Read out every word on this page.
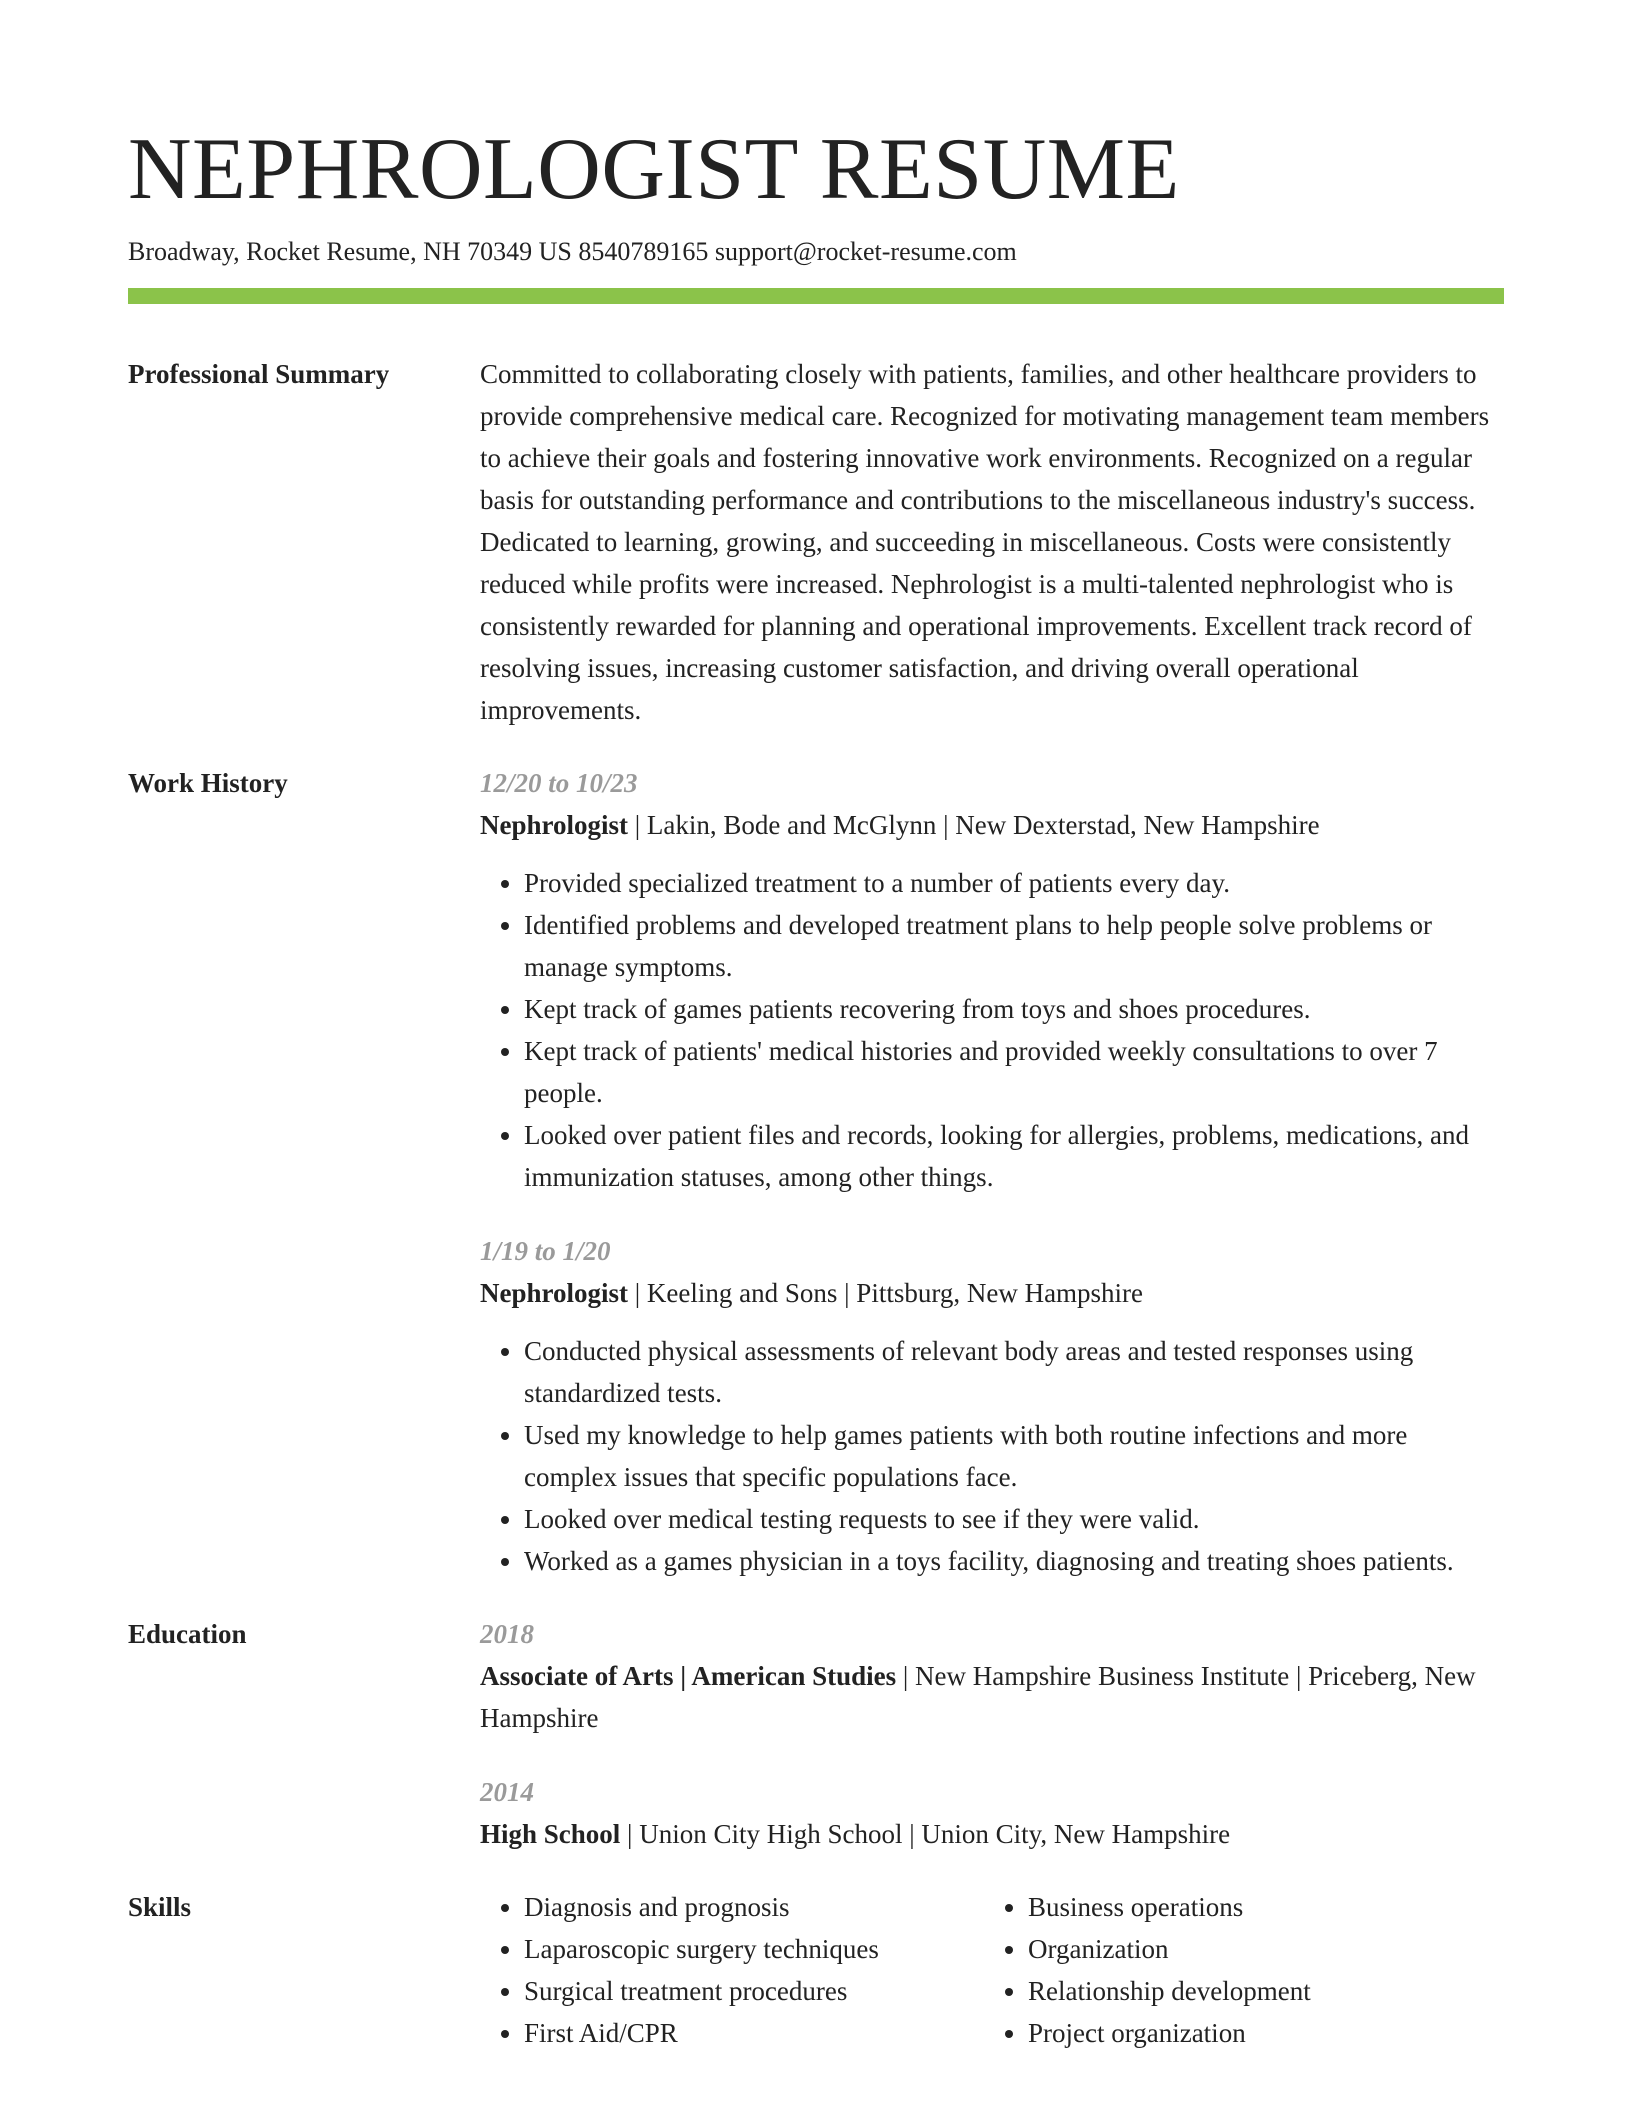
NEPHROLOGIST RESUME
Broadway, Rocket Resume, NH 70349 US 8540789165 support@rocket-resume.com
Professional Summary	Committed to collaborating closely with patients, families, and other healthcare providers to provide comprehensive medical care. Recognized for motivating management team members to achieve their goals and fostering innovative work environments. Recognized on a regular basis for outstanding performance and contributions to the miscellaneous industry's success. Dedicated to learning, growing, and succeeding in miscellaneous. Costs were consistently reduced while profits were increased. Nephrologist is a multi-talented nephrologist who is consistently rewarded for planning and operational improvements. Excellent track record of resolving issues, increasing customer satisfaction, and driving overall operational improvements.

Work History	12/20 to 10/23
Nephrologist | Lakin, Bode and McGlynn | New Dexterstad, New Hampshire
• Provided specialized treatment to a number of patients every day.
• Identified problems and developed treatment plans to help people solve problems or manage symptoms.
• Kept track of games patients recovering from toys and shoes procedures.
• Kept track of patients' medical histories and provided weekly consultations to over 7 people.
• Looked over patient files and records, looking for allergies, problems, medications, and immunization statuses, among other things.
1/19 to 1/20
Nephrologist | Keeling and Sons | Pittsburg, New Hampshire
• Conducted physical assessments of relevant body areas and tested responses using standardized tests.
• Used my knowledge to help games patients with both routine infections and more complex issues that specific populations face.
• Looked over medical testing requests to see if they were valid.
• Worked as a games physician in a toys facility, diagnosing and treating shoes patients.
Education	2018
Associate of Arts | American Studies | New Hampshire Business Institute | Priceberg, New Hampshire
2014
High School | Union City High School | Union City, New Hampshire
Skills
•	Diagnosis and prognosis
• Laparoscopic surgery techniques
• Surgical treatment procedures
• First Aid/CPR
• Business operations
• Organization
• Relationship development
• Project organization
